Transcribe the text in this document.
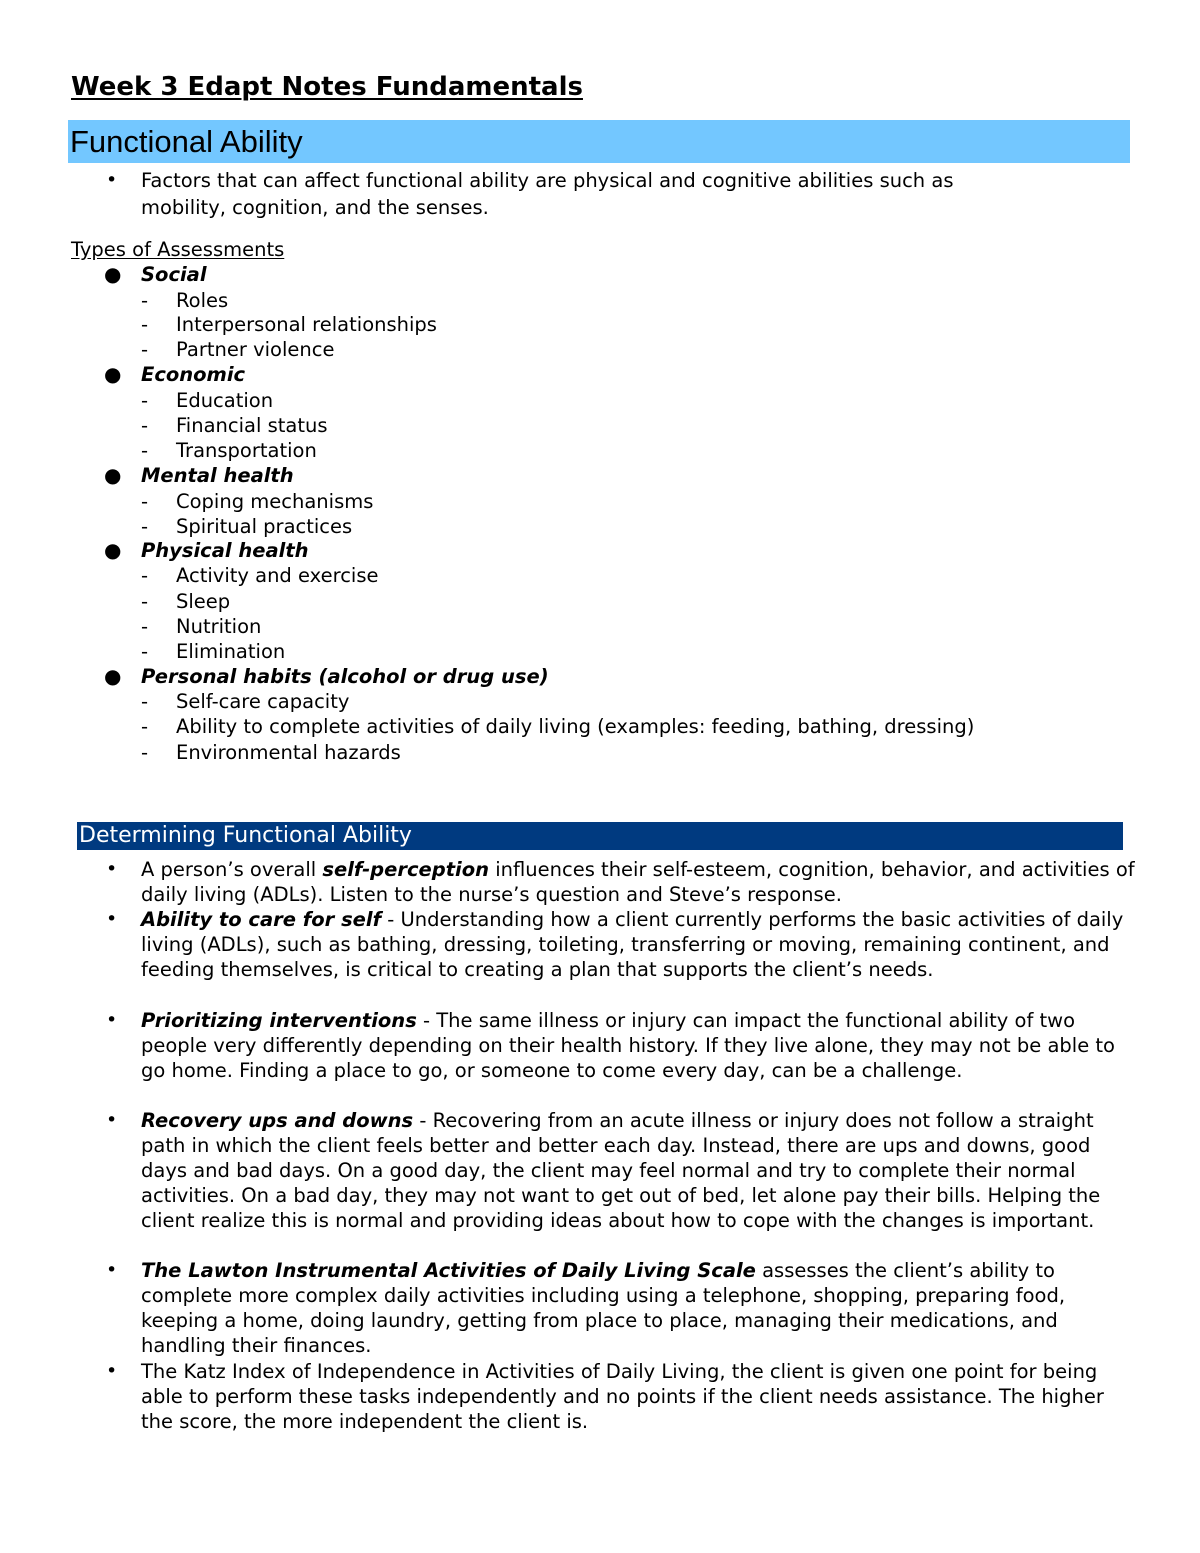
Week 3 Edapt Notes Fundamentals
Functional Ability
• Factors that can affect functional ability are physical and cognitive abilities such as
mobility, cognition, and the senses.
Types of Assessments
● Social
- Roles
- Interpersonal relationships
- Partner violence
● Economic
- Education
- Financial status
- Transportation
● Mental health
- Coping mechanisms
- Spiritual practices
● Physical health
- Activity and exercise
- Sleep
- Nutrition
- Elimination
● Personal habits (alcohol or drug use)
- Self-care capacity
- Ability to complete activities of daily living (examples: feeding, bathing, dressing)
- Environmental hazards
Determining Functional Ability
• A person’s overall self-perception influences their self-esteem, cognition, behavior, and activities of daily living (ADLs). Listen to the nurse’s question and Steve’s response.

• Ability to care for self - Understanding how a client currently performs the basic activities of daily living (ADLs), such as bathing, dressing, toileting, transferring or moving, remaining continent, and feeding themselves, is critical to creating a plan that supports the client’s needs.

• Prioritizing interventions - The same illness or injury can impact the functional ability of two people very differently depending on their health history. If they live alone, they may not be able to go home. Finding a place to go, or someone to come every day, can be a challenge.

• Recovery ups and downs - Recovering from an acute illness or injury does not follow a straight path in which the client feels better and better each day. Instead, there are ups and downs, good days and bad days. On a good day, the client may feel normal and try to complete their normal activities. On a bad day, they may not want to get out of bed, let alone pay their bills. Helping the client realize this is normal and providing ideas about how to cope with the changes is important.

• The Lawton Instrumental Activities of Daily Living Scale assesses the client’s ability to complete more complex daily activities including using a telephone, shopping, preparing food, keeping a home, doing laundry, getting from place to place, managing their medications, and handling their finances.

• The Katz Index of Independence in Activities of Daily Living, the client is given one point for being able to perform these tasks independently and no points if the client needs assistance. The higher the score, the more independent the client is.
